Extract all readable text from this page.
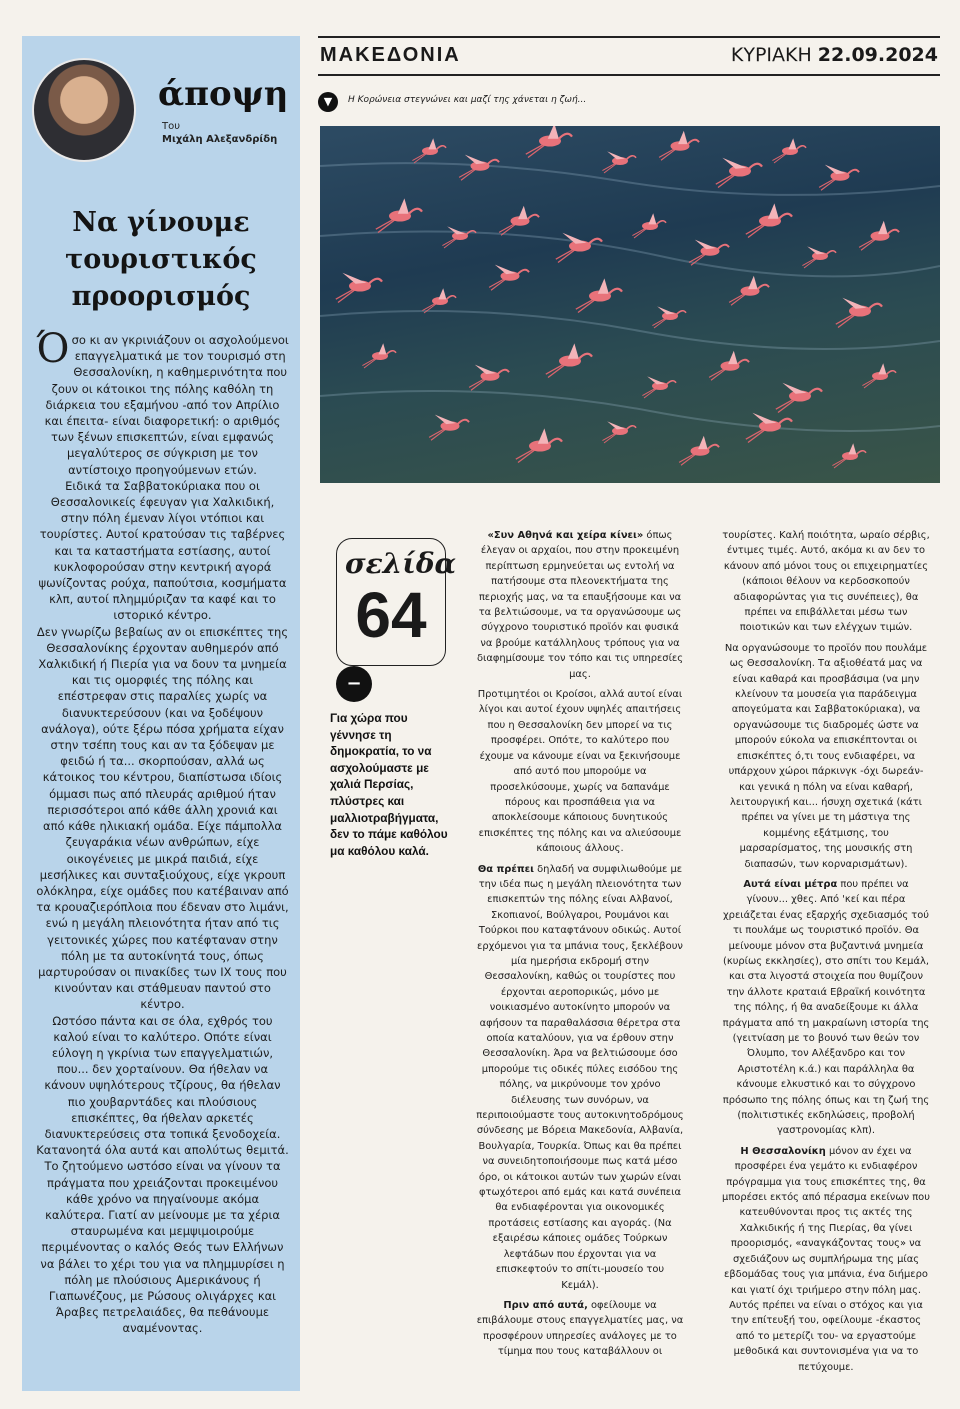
άποψη
Του
Μιχάλη Αλεξανδρίδη
Να γίνουμε τουριστικός προορισμός

Όσο κι αν γκρινιάζουν οι ασχολούμενοι επαγγελματικά με τον τουρισμό στη Θεσσαλονίκη, η καθημερινότητα που ζουν οι κάτοικοι της πόλης καθόλη τη διάρκεια του εξαμήνου -από τον Απρίλιο και έπειτα- είναι διαφορετική: ο αριθμός των ξένων επισκεπτών, είναι εμφανώς μεγαλύτερος σε σύγκριση με τον αντίστοιχο προηγούμενων ετών.

Ειδικά τα Σαββατοκύριακα που οι Θεσσαλονικείς έφευγαν για Χαλκιδική, στην πόλη έμεναν λίγοι ντόπιοι και τουρίστες. Αυτοί κρατούσαν τις ταβέρνες και τα καταστήματα εστίασης, αυτοί κυκλοφορούσαν στην κεντρική αγορά ψωνίζοντας ρούχα, παπούτσια, κοσμήματα κλπ, αυτοί πλημμύριζαν τα καφέ και το ιστορικό κέντρο.

Δεν γνωρίζω βεβαίως αν οι επισκέπτες της Θεσσαλονίκης έρχονταν αυθημερόν από Χαλκιδική ή Πιερία για να δουν τα μνημεία και τις ομορφιές της πόλης και επέστρεφαν στις παραλίες χωρίς να διανυκτερεύσουν (και να ξοδέψουν ανάλογα), ούτε ξέρω πόσα χρήματα είχαν στην τσέπη τους και αν τα ξόδεψαν με φειδώ ή τα... σκορπούσαν, αλλά ως κάτοικος του κέντρου, διαπίστωσα ιδίοις όμμασι πως από πλευράς αριθμού ήταν περισσότεροι από κάθε άλλη χρονιά και από κάθε ηλικιακή ομάδα. Είχε πάμπολλα ζευγαράκια νέων ανθρώπων, είχε οικογένειες με μικρά παιδιά, είχε μεσήλικες και συνταξιούχους, είχε γκρουπ ολόκληρα, είχε ομάδες που κατέβαιναν από τα κρουαζιερόπλοια που έδεναν στο λιμάνι, ενώ η μεγάλη πλειονότητα ήταν από τις γειτονικές χώρες που κατέφταναν στην πόλη με τα αυτοκίνητά τους, όπως μαρτυρούσαν οι πινακίδες των ΙΧ τους που κινούνταν και στάθμευαν παντού στο κέντρο.

Ωστόσο πάντα και σε όλα, εχθρός του καλού είναι το καλύτερο. Οπότε είναι εύλογη η γκρίνια των επαγγελματιών, που... δεν χορταίνουν. Θα ήθελαν να κάνουν υψηλότερους τζίρους, θα ήθελαν πιο χουβαρντάδες και πλούσιους επισκέπτες, θα ήθελαν αρκετές διανυκτερεύσεις στα τοπικά ξενοδοχεία.

Κατανοητά όλα αυτά και απολύτως θεμιτά.

Το ζητούμενο ωστόσο είναι να γίνουν τα πράγματα που χρειάζονται προκειμένου κάθε χρόνο να πηγαίνουμε ακόμα καλύτερα. Γιατί αν μείνουμε με τα χέρια σταυρωμένα και μεμψιμοιρούμε περιμένοντας ο καλός Θεός των Ελλήνων να βάλει το χέρι του για να πλημμυρίσει η πόλη με πλούσιους Αμερικάνους ή Γιαπωνέζους, με Ρώσους ολιγάρχες και Άραβες πετρελαιάδες, θα πεθάνουμε αναμένοντας.

ΜΑΚΕΔΟΝΙΑ	ΚΥΡΙΑΚΗ 22.09.2024
▼	Η Κορώνεια στεγνώνει και μαζί της χάνεται η ζωή...
σελίδα
64
−
Για χώρα που γέννησε τη δημοκρατία, το να ασχολούμαστε με χαλιά Περσίας, πλύστρες και μαλλιοτραβήγματα, δεν το πάμε καθόλου μα καθόλου καλά.

«Συν Αθηνά και χείρα κίνει» όπως έλεγαν οι αρχαίοι, που στην προκειμένη περίπτωση ερμηνεύεται ως εντολή να πατήσουμε στα πλεονεκτήματα της περιοχής μας, να τα επαυξήσουμε και να τα βελτιώσουμε, να τα οργανώσουμε ως σύγχρονο τουριστικό προϊόν και φυσικά να βρούμε κατάλληλους τρόπους για να διαφημίσουμε τον τόπο και τις υπηρεσίες μας.

Προτιμητέοι οι Κροίσοι, αλλά αυτοί είναι λίγοι και αυτοί έχουν υψηλές απαιτήσεις που η Θεσσαλονίκη δεν μπορεί να τις προσφέρει. Οπότε, το καλύτερο που έχουμε να κάνουμε είναι να ξεκινήσουμε από αυτό που μπορούμε να προσελκύσουμε, χωρίς να δαπανάμε πόρους και προσπάθεια για να αποκλείσουμε κάποιους δυνητικούς επισκέπτες της πόλης και να αλιεύσουμε κάποιους άλλους.

Θα πρέπει δηλαδή να συμφιλιωθούμε με την ιδέα πως η μεγάλη πλειονότητα των επισκεπτών της πόλης είναι Αλβανοί, Σκοπιανοί, Βούλγαροι, Ρουμάνοι και Τούρκοι που καταφτάνουν οδικώς. Αυτοί ερχόμενοι για τα μπάνια τους, ξεκλέβουν μία ημερήσια εκδρομή στην Θεσσαλονίκη, καθώς οι τουρίστες που έρχονται αεροπορικώς, μόνο με νοικιασμένο αυτοκίνητο μπορούν να αφήσουν τα παραθαλάσσια θέρετρα στα οποία καταλύουν, για να έρθουν στην Θεσσαλονίκη. Άρα να βελτιώσουμε όσο μπορούμε τις οδικές πύλες εισόδου της πόλης, να μικρύνουμε τον χρόνο διέλευσης των συνόρων, να περιποιούμαστε τους αυτοκινητοδρόμους σύνδεσης με Βόρεια Μακεδονία, Αλβανία, Βουλγαρία, Τουρκία. Όπως και θα πρέπει να συνειδητοποιήσουμε πως κατά μέσο όρο, οι κάτοικοι αυτών των χωρών είναι φτωχότεροι από εμάς και κατά συνέπεια θα ενδιαφέρονται για οικονομικές προτάσεις εστίασης και αγοράς. (Να εξαιρέσω κάποιες ομάδες Τούρκων λεφτάδων που έρχονται για να επισκεφτούν το σπίτι-μουσείο του Κεμάλ).

Πριν από αυτά, οφείλουμε να επιβάλουμε στους επαγγελματίες μας, να προσφέρουν υπηρεσίες ανάλογες με το τίμημα που τους καταβάλλουν οι

τουρίστες. Καλή ποιότητα, ωραίο σέρβις, έντιμες τιμές. Αυτό, ακόμα κι αν δεν το κάνουν από μόνοι τους οι επιχειρηματίες (κάποιοι θέλουν να κερδοσκοπούν αδιαφορώντας για τις συνέπειες), θα πρέπει να επιβάλλεται μέσω των ποιοτικών και των ελέγχων τιμών.

Να οργανώσουμε το προϊόν που πουλάμε ως Θεσσαλονίκη. Τα αξιοθέατά μας να είναι καθαρά και προσβάσιμα (να μην κλείνουν τα μουσεία για παράδειγμα απογεύματα και Σαββατοκύριακα), να οργανώσουμε τις διαδρομές ώστε να μπορούν εύκολα να επισκέπτονται οι επισκέπτες ό,τι τους ενδιαφέρει, να υπάρχουν χώροι πάρκινγκ -όχι δωρεάν- και γενικά η πόλη να είναι καθαρή, λειτουργική και... ήσυχη σχετικά (κάτι πρέπει να γίνει με τη μάστιγα της κομμένης εξάτμισης, του μαρσαρίσματος, της μουσικής στη διαπασών, των κορναρισμάτων).

Αυτά είναι μέτρα που πρέπει να γίνουν... χθες. Από 'κεί και πέρα χρειάζεται ένας εξαρχής σχεδιασμός τού τι πουλάμε ως τουριστικό προϊόν. Θα μείνουμε μόνον στα βυζαντινά μνημεία (κυρίως εκκλησίες), στο σπίτι του Κεμάλ, και στα λιγοστά στοιχεία που θυμίζουν την άλλοτε κραταιά Εβραϊκή κοινότητα της πόλης, ή θα αναδείξουμε κι άλλα πράγματα από τη μακραίωνη ιστορία της (γειτνίαση με το βουνό των θεών τον Όλυμπο, τον Αλέξανδρο και τον Αριστοτέλη κ.ά.) και παράλληλα θα κάνουμε ελκυστικό και το σύγχρονο πρόσωπο της πόλης όπως και τη ζωή της (πολιτιστικές εκδηλώσεις, προβολή γαστρονομίας κλπ).

Η Θεσσαλονίκη μόνον αν έχει να προσφέρει ένα γεμάτο κι ενδιαφέρον πρόγραμμα για τους επισκέπτες της, θα μπορέσει εκτός από πέρασμα εκείνων που κατευθύνονται προς τις ακτές της Χαλκιδικής ή της Πιερίας, θα γίνει προορισμός, «αναγκάζοντας τους» να σχεδιάζουν ως συμπλήρωμα της μίας εβδομάδας τους για μπάνια, ένα διήμερο και γιατί όχι τριήμερο στην πόλη μας. Αυτός πρέπει να είναι ο στόχος και για την επίτευξή του, οφείλουμε -έκαστος από το μετερίζι του- να εργαστούμε μεθοδικά και συντονισμένα για να το πετύχουμε.
